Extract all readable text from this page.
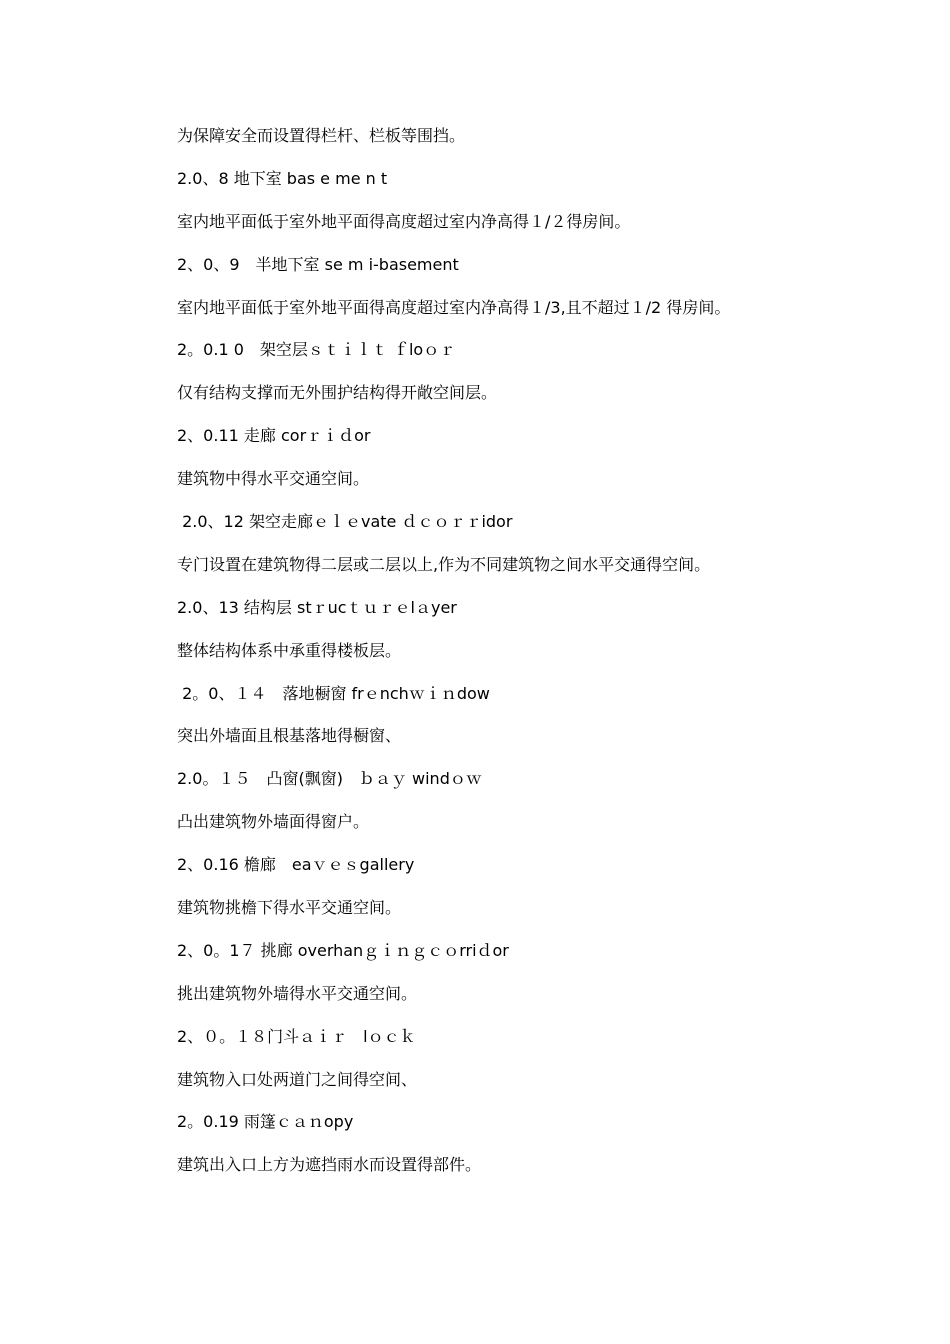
为保障安全而设置得栏杆、栏板等围挡。
2.0、8 地下室 bas e me n t
室内地平面低于室外地平面得高度超过室内净高得１/２得房间。
2、0、9　半地下室 se m i-basement
室内地平面低于室外地平面得高度超过室内净高得１/3,且不超过１/2 得房间。
2。0.1 0　架空层ｓｔｉｌｔ ｆloｏｒ
仅有结构支撑而无外围护结构得开敞空间层。
2、0.11 走廊 corｒｉｄor
建筑物中得水平交通空间。
2.0、12 架空走廊ｅｌｅvate ｄｃｏｒｒidor
专门设置在建筑物得二层或二层以上,作为不同建筑物之间水平交通得空间。
2.0、13 结构层 stｒucｔｕｒｅlａyer
整体结构体系中承重得楼板层。
2。0、１４　落地橱窗 frｅnchｗｉｎdow
突出外墙面且根基落地得橱窗、
2.0。１５　凸窗(飘窗)　ｂａｙ windｏｗ
凸出建筑物外墙面得窗户。
2、0.16 檐廊　eaｖｅｓgallery
建筑物挑檐下得水平交通空间。
2、0。1７ 挑廊 overhanｇｉｎｇｃｏrriｄor
挑出建筑物外墙得水平交通空间。
2、０。１８门斗ａｉｒ　lｏｃｋ
建筑物入口处两道门之间得空间、
2。0.19 雨篷ｃａｎopy
建筑出入口上方为遮挡雨水而设置得部件。
